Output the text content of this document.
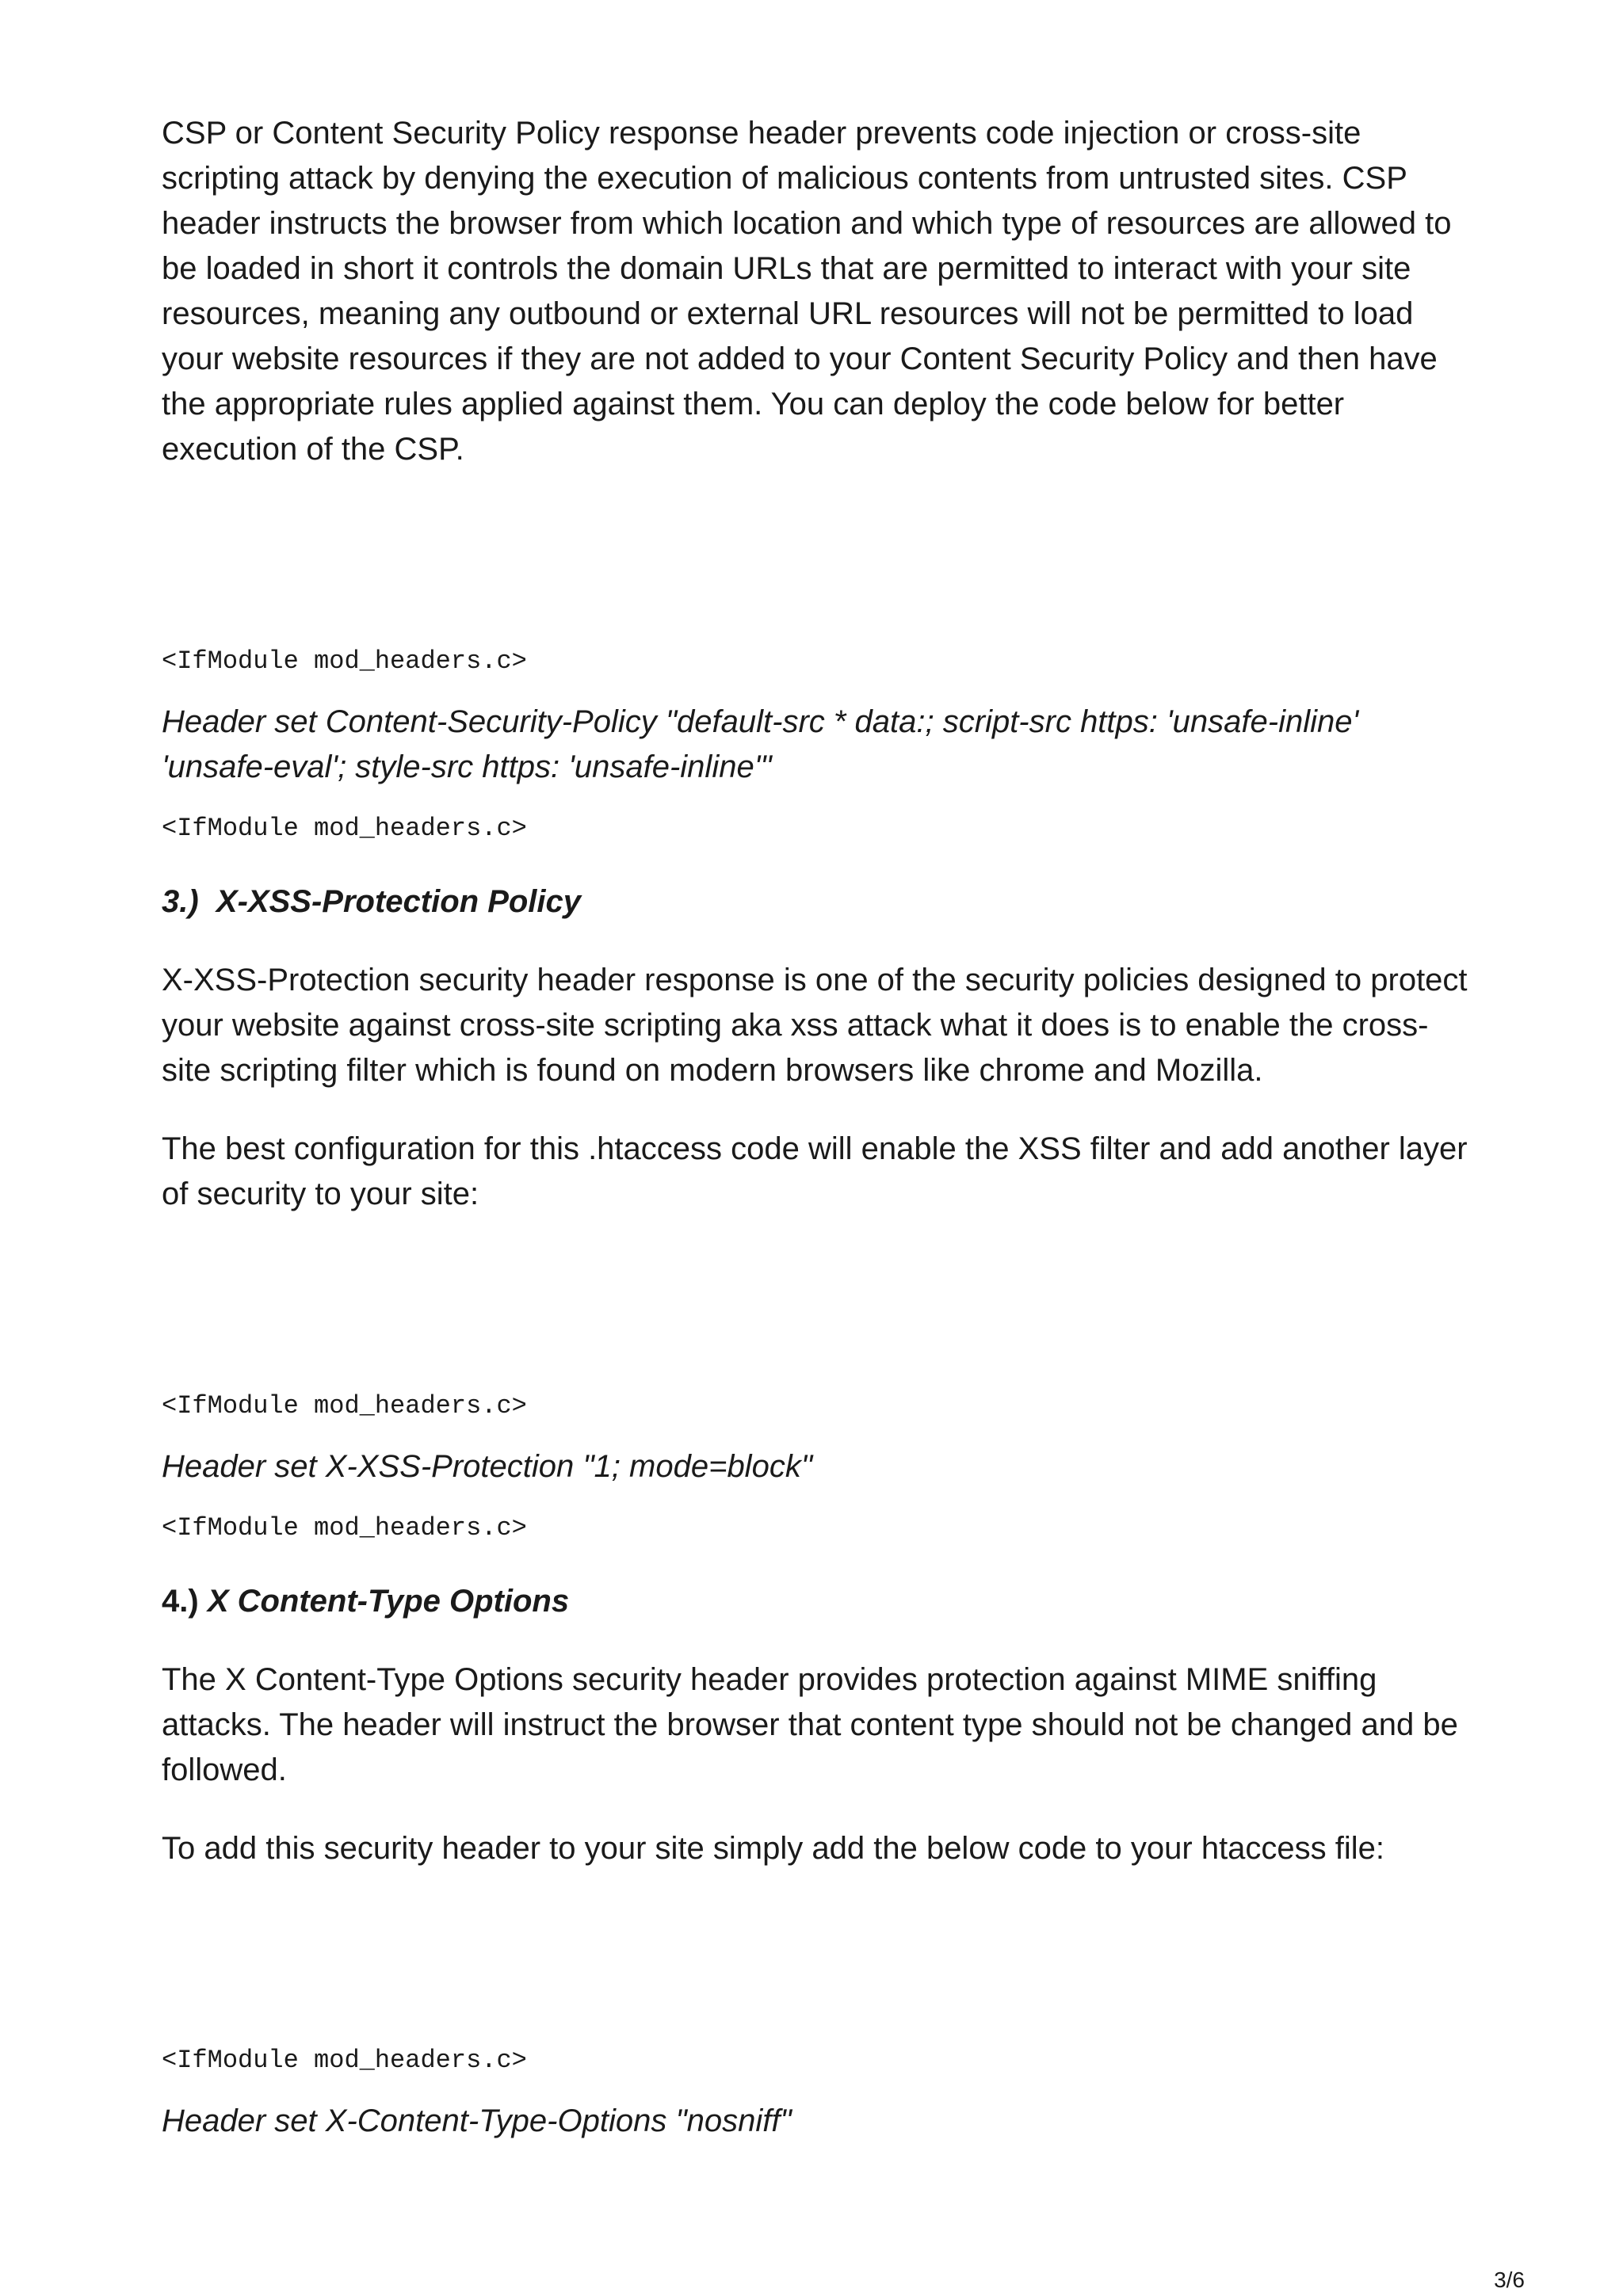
CSP or Content Security Policy response header prevents code injection or cross-site scripting attack by denying the execution of malicious contents from untrusted sites. CSP header instructs the browser from which location and which type of resources are allowed to be loaded in short it controls the domain URLs that are permitted to interact with your site resources, meaning any outbound or external URL resources will not be permitted to load your website resources if they are not added to your Content Security Policy and then have the appropriate rules applied against them. You can deploy the code below for better execution of the CSP.

<IfModule mod_headers.c>

Header set Content-Security-Policy "default-src * data:; script-src https: 'unsafe-inline' 'unsafe-eval'; style-src https: 'unsafe-inline'"

<IfModule mod_headers.c>
3.) X-XSS-Protection Policy

X-XSS-Protection security header response is one of the security policies designed to protect your website against cross-site scripting aka xss attack what it does is to enable the cross-site scripting filter which is found on modern browsers like chrome and Mozilla.

The best configuration for this .htaccess code will enable the XSS filter and add another layer of security to your site:

<IfModule mod_headers.c>

Header set X-XSS-Protection "1; mode=block"

<IfModule mod_headers.c>
4.) X Content-Type Options

The X Content-Type Options security header provides protection against MIME sniffing attacks. The header will instruct the browser that content type should not be changed and be followed.

To add this security header to your site simply add the below code to your htaccess file:

<IfModule mod_headers.c>

Header set X-Content-Type-Options "nosniff"

3/6
